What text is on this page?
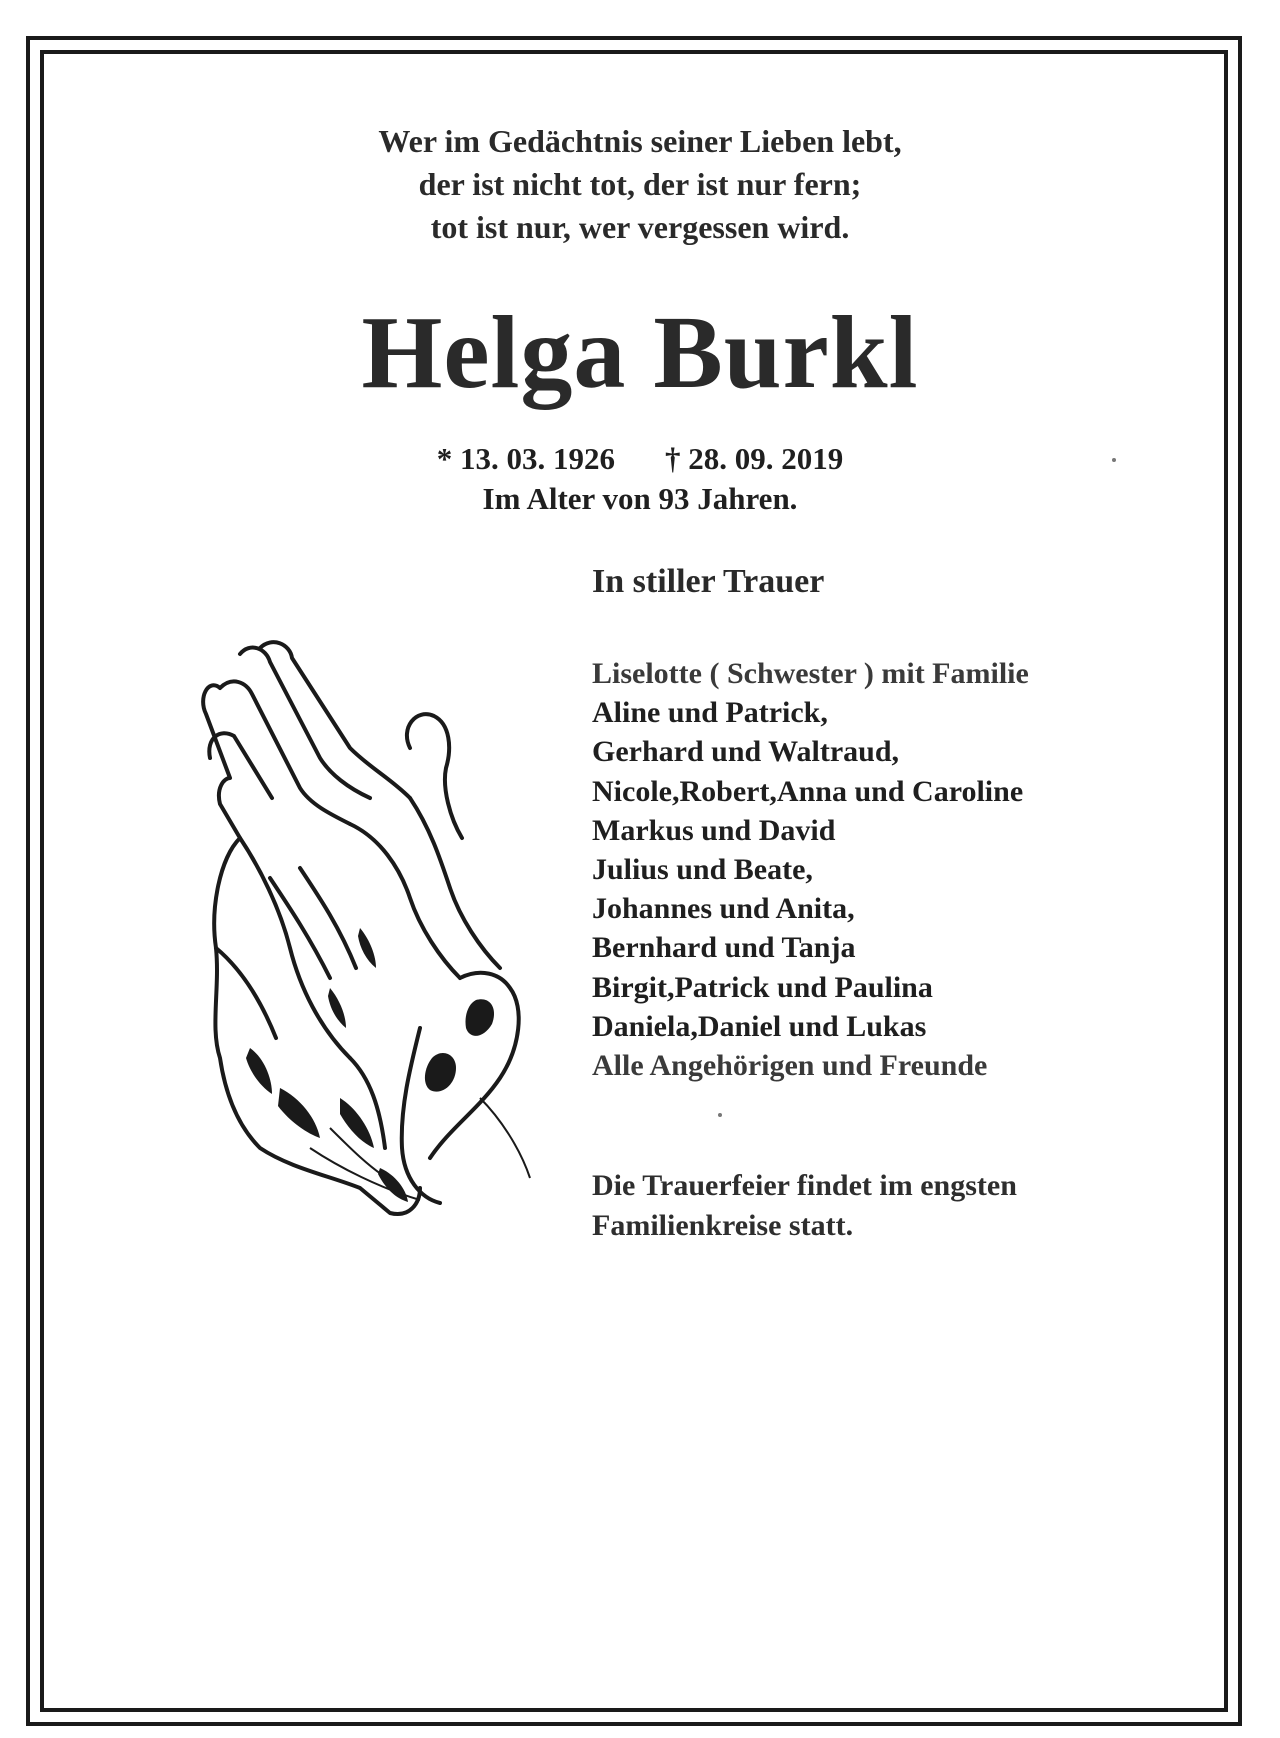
Wer im Gedächtnis seiner Lieben lebt,
der ist nicht tot, der ist nur fern;
tot ist nur, wer vergessen wird.
Helga Burkl
* 13. 03. 1926 † 28. 09. 2019
Im Alter von 93 Jahren.
In stiller Trauer
Liselotte ( Schwester ) mit Familie
Aline und Patrick,
Gerhard und Waltraud,
Nicole,Robert,Anna und Caroline
Markus und David
Julius und Beate,
Johannes und Anita,
Bernhard und Tanja
Birgit,Patrick und Paulina
Daniela,Daniel und Lukas
Alle Angehörigen und Freunde
Die Trauerfeier findet im engsten
Familienkreise statt.
